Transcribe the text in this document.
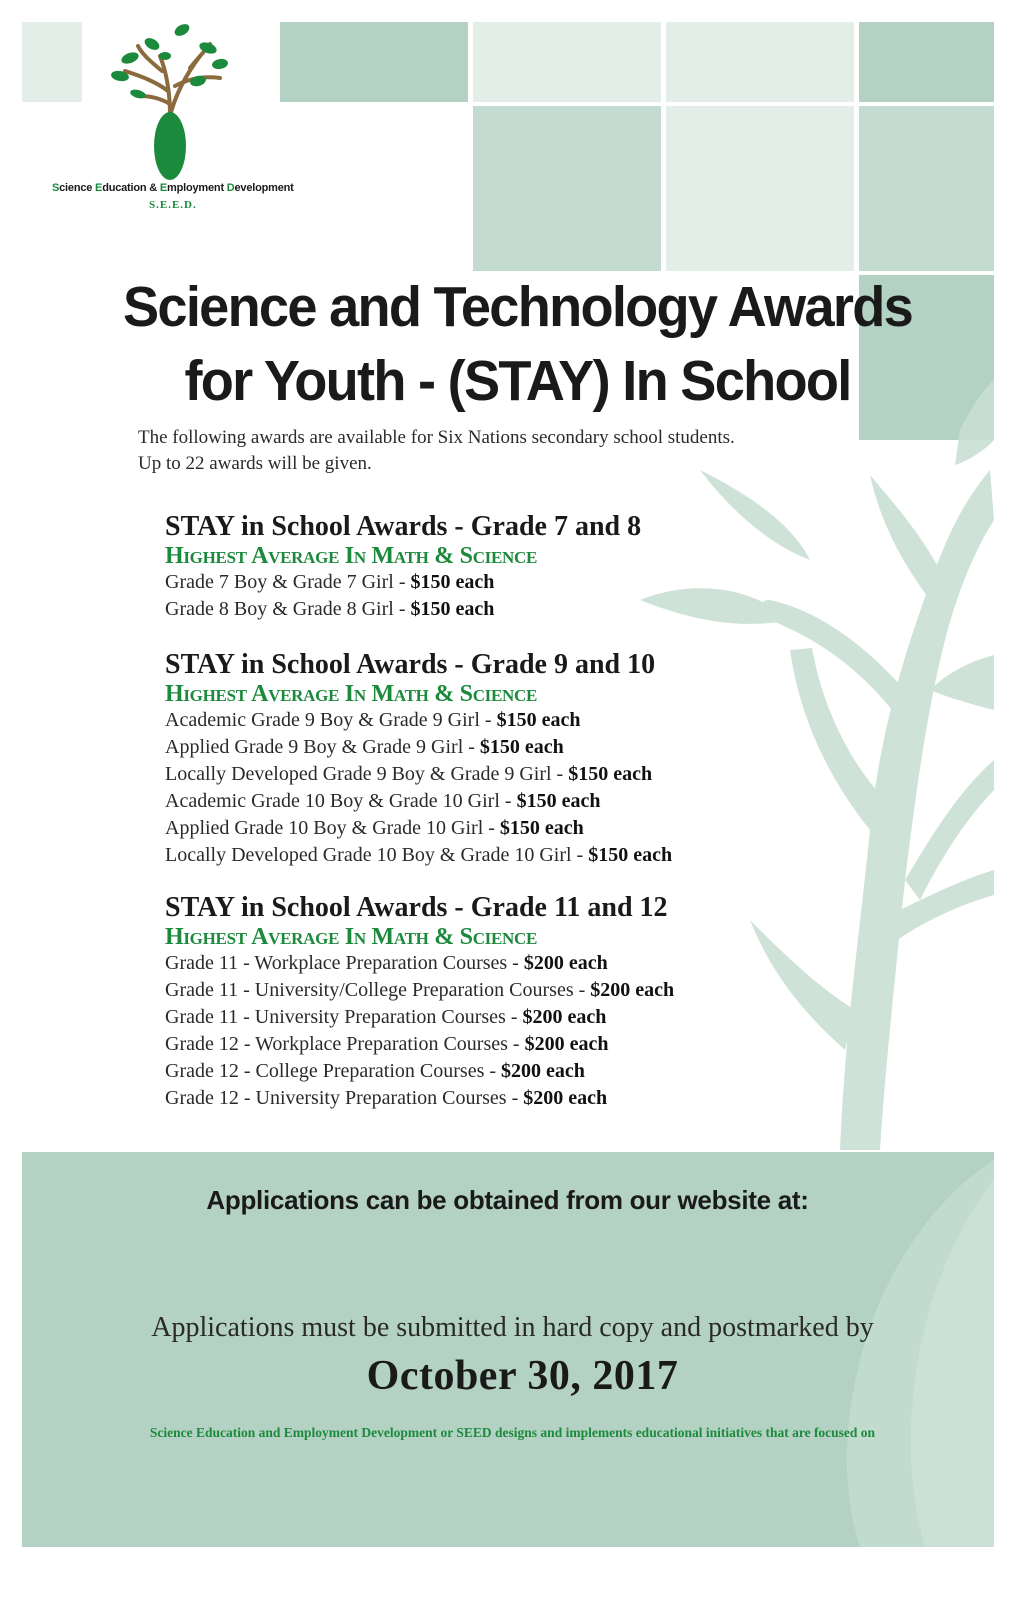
Science Education & Employment Development
S.E.E.D.
Science and Technology Awards
for Youth - (STAY) In School
The following awards are available for Six Nations secondary school students.
Up to 22 awards will be given.
STAY in School Awards - Grade 7 and 8
Highest Average In Math & Science
Grade 7 Boy & Grade 7 Girl - $150 each
Grade 8 Boy & Grade 8 Girl - $150 each
STAY in School Awards - Grade 9 and 10
Highest Average In Math & Science
Academic Grade 9 Boy & Grade 9 Girl - $150 each
Applied Grade 9 Boy & Grade 9 Girl - $150 each
Locally Developed Grade 9 Boy & Grade 9 Girl - $150 each
Academic Grade 10 Boy & Grade 10 Girl - $150 each
Applied Grade 10 Boy & Grade 10 Girl - $150 each
Locally Developed Grade 10 Boy & Grade 10 Girl - $150 each
STAY in School Awards - Grade 11 and 12
Highest Average In Math & Science
Grade 11 - Workplace Preparation Courses - $200 each
Grade 11 - University/College Preparation Courses - $200 each
Grade 11 - University Preparation Courses - $200 each
Grade 12 - Workplace Preparation Courses - $200 each
Grade 12 - College Preparation Courses - $200 each
Grade 12 - University Preparation Courses - $200 each
Applications can be obtained from our website at:
Applications must be submitted in hard copy and postmarked by
October 30, 2017
Science Education and Employment Development or SEED designs and implements educational initiatives that are focused on
